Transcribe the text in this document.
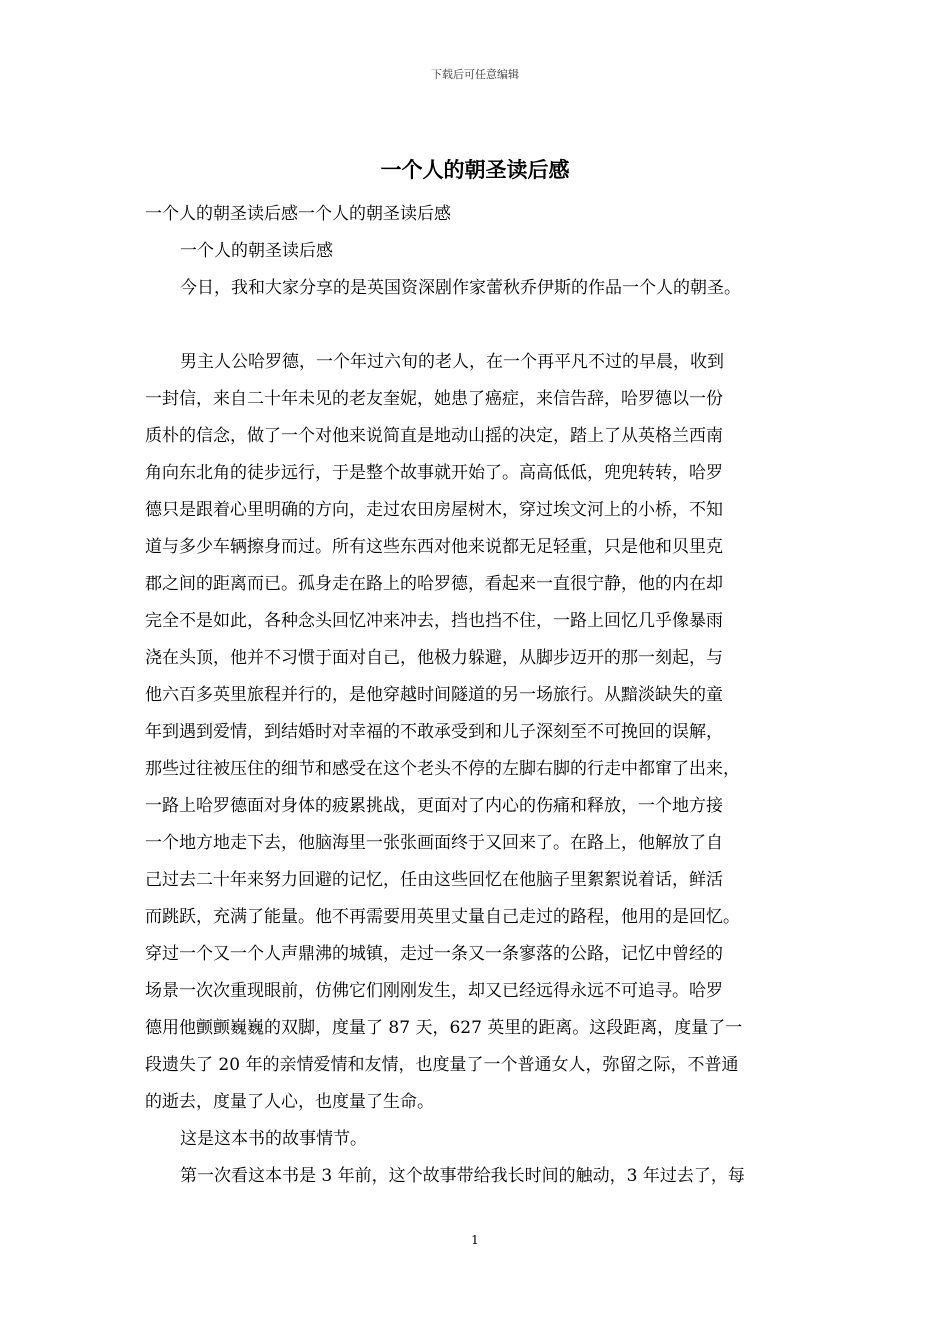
下载后可任意编辑
一个人的朝圣读后感
一个人的朝圣读后感一个人的朝圣读后感
一个人的朝圣读后感
今日，我和大家分享的是英国资深剧作家蕾秋乔伊斯的作品一个人的朝圣。
男主人公哈罗德，一个年过六旬的老人，在一个再平凡不过的早晨，收到
一封信，来自二十年未见的老友奎妮，她患了癌症，来信告辞，哈罗德以一份
质朴的信念，做了一个对他来说简直是地动山摇的决定，踏上了从英格兰西南
角向东北角的徒步远行，于是整个故事就开始了。高高低低，兜兜转转，哈罗
德只是跟着心里明确的方向，走过农田房屋树木，穿过埃文河上的小桥，不知
道与多少车辆擦身而过。所有这些东西对他来说都无足轻重，只是他和贝里克
郡之间的距离而已。孤身走在路上的哈罗德，看起来一直很宁静，他的内在却
完全不是如此，各种念头回忆冲来冲去，挡也挡不住，一路上回忆几乎像暴雨
浇在头顶，他并不习惯于面对自己，他极力躲避，从脚步迈开的那一刻起，与
他六百多英里旅程并行的，是他穿越时间隧道的另一场旅行。从黯淡缺失的童
年到遇到爱情，到结婚时对幸福的不敢承受到和儿子深刻至不可挽回的误解，
那些过往被压住的细节和感受在这个老头不停的左脚右脚的行走中都窜了出来，
一路上哈罗德面对身体的疲累挑战，更面对了内心的伤痛和释放，一个地方接
一个地方地走下去，他脑海里一张张画面终于又回来了。在路上，他解放了自
己过去二十年来努力回避的记忆，任由这些回忆在他脑子里絮絮说着话，鲜活
而跳跃，充满了能量。他不再需要用英里丈量自己走过的路程，他用的是回忆。
穿过一个又一个人声鼎沸的城镇，走过一条又一条寥落的公路，记忆中曾经的
场景一次次重现眼前，仿佛它们刚刚发生，却又已经远得永远不可追寻。哈罗
德用他颤颤巍巍的双脚，度量了 87 天，627 英里的距离。这段距离，度量了一
段遗失了 20 年的亲情爱情和友情，也度量了一个普通女人，弥留之际，不普通
的逝去，度量了人心，也度量了生命。
这是这本书的故事情节。
第一次看这本书是 3 年前，这个故事带给我长时间的触动，3 年过去了，每
1
